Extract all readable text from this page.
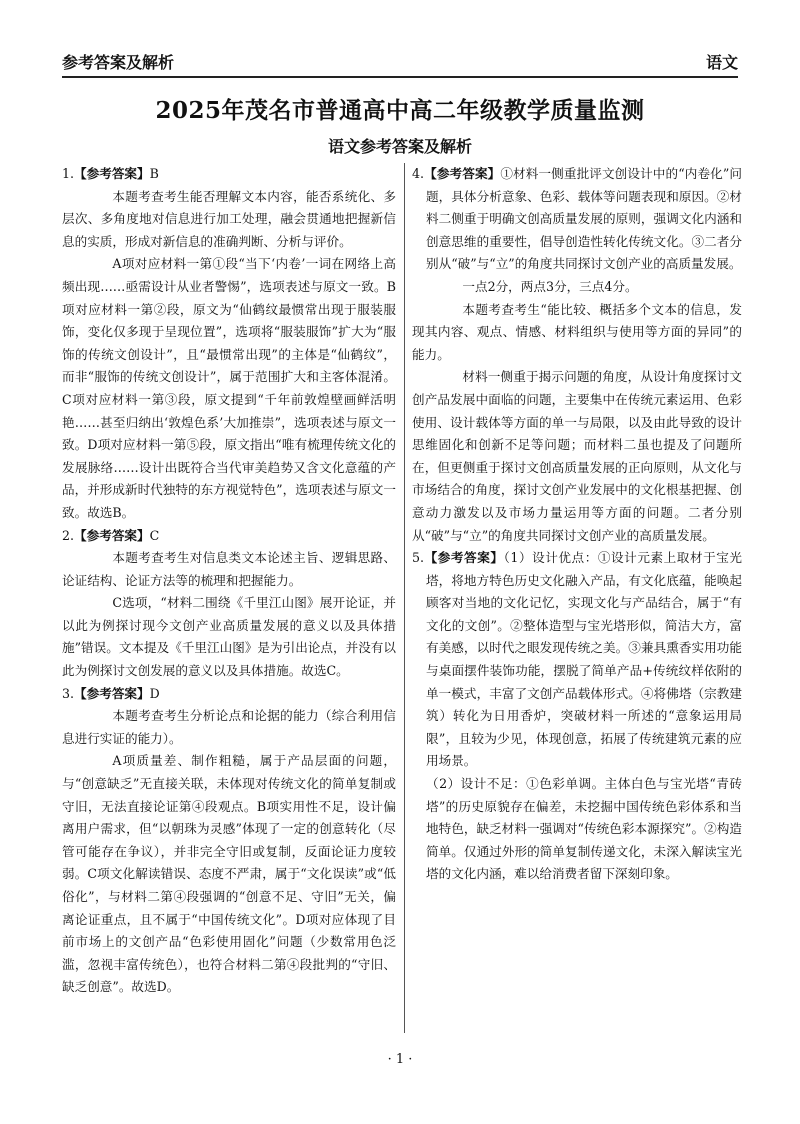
参考答案及解析	语文
2025年茂名市普通高中高二年级教学质量监测
语文参考答案及解析

1.【参考答案】B

本题考查考生能否理解文本内容，能否系统化、多层次、多角度地对信息进行加工处理，融会贯通地把握新信息的实质，形成对新信息的准确判断、分析与评价。

A项对应材料一第①段“当下‘内卷’一词在网络上高频出现……亟需设计从业者警惕”，选项表述与原文一致。B项对应材料一第②段，原文为“仙鹤纹最惯常出现于服装服饰，变化仅多现于呈现位置”，选项将“服装服饰”扩大为“服饰的传统文创设计”，且“最惯常出现”的主体是“仙鹤纹”，而非“服饰的传统文创设计”，属于范围扩大和主客体混淆。C项对应材料一第③段，原文提到“千年前敦煌壁画鲜活明艳……甚至归纳出‘敦煌色系’大加推崇”，选项表述与原文一致。D项对应材料一第⑤段，原文指出“唯有梳理传统文化的发展脉络……设计出既符合当代审美趋势又含文化意蕴的产品，并形成新时代独特的东方视觉特色”，选项表述与原文一致。故选B。

2.【参考答案】C

本题考查考生对信息类文本论述主旨、逻辑思路、论证结构、论证方法等的梳理和把握能力。

C选项，“材料二围绕《千里江山图》展开论证，并以此为例探讨现今文创产业高质量发展的意义以及具体措施”错误。文本提及《千里江山图》是为引出论点，并没有以此为例探讨文创发展的意义以及具体措施。故选C。

3.【参考答案】D

本题考查考生分析论点和论据的能力（综合利用信息进行实证的能力）。

A项质量差、制作粗糙，属于产品层面的问题，与“创意缺乏”无直接关联，未体现对传统文化的简单复制或守旧，无法直接论证第④段观点。B项实用性不足，设计偏离用户需求，但“以朝珠为灵感”体现了一定的创意转化（尽管可能存在争议），并非完全守旧或复制，反面论证力度较弱。C项文化解读错误、态度不严肃，属于“文化误读”或“低俗化”，与材料二第④段强调的“创意不足、守旧”无关，偏离论证重点，且不属于“中国传统文化”。D项对应体现了目前市场上的文创产品“色彩使用固化”问题（少数常用色泛滥，忽视丰富传统色），也符合材料二第④段批判的“守旧、缺乏创意”。故选D。

4.【参考答案】①材料一侧重批评文创设计中的“内卷化”问题，具体分析意象、色彩、载体等问题表现和原因。②材料二侧重于明确文创高质量发展的原则，强调文化内涵和创意思维的重要性，倡导创造性转化传统文化。③二者分别从“破”与“立”的角度共同探讨文创产业的高质量发展。

一点2分，两点3分，三点4分。

本题考查考生“能比较、概括多个文本的信息，发现其内容、观点、情感、材料组织与使用等方面的异同”的能力。

材料一侧重于揭示问题的角度，从设计角度探讨文创产品发展中面临的问题，主要集中在传统元素运用、色彩使用、设计载体等方面的单一与局限，以及由此导致的设计思维固化和创新不足等问题；而材料二虽也提及了问题所在，但更侧重于探讨文创高质量发展的正向原则，从文化与市场结合的角度，探讨文创产业发展中的文化根基把握、创意动力激发以及市场力量运用等方面的问题。二者分别从“破”与“立”的角度共同探讨文创产业的高质量发展。

5.【参考答案】（1）设计优点：①设计元素上取材于宝光塔，将地方特色历史文化融入产品，有文化底蕴，能唤起顾客对当地的文化记忆，实现文化与产品结合，属于“有文化的文创”。②整体造型与宝光塔形似，简洁大方，富有美感，以时代之眼发现传统之美。③兼具熏香实用功能与桌面摆件装饰功能，摆脱了简单产品+传统纹样依附的单一模式，丰富了文创产品载体形式。④将佛塔（宗教建筑）转化为日用香炉，突破材料一所述的“意象运用局限”，且较为少见，体现创意，拓展了传统建筑元素的应用场景。

（2）设计不足：①色彩单调。主体白色与宝光塔“青砖塔”的历史原貌存在偏差，未挖掘中国传统色彩体系和当地特色，缺乏材料一强调对“传统色彩本源探究”。②构造简单。仅通过外形的简单复制传递文化，未深入解读宝光塔的文化内涵，难以给消费者留下深刻印象。

· 1 ·
